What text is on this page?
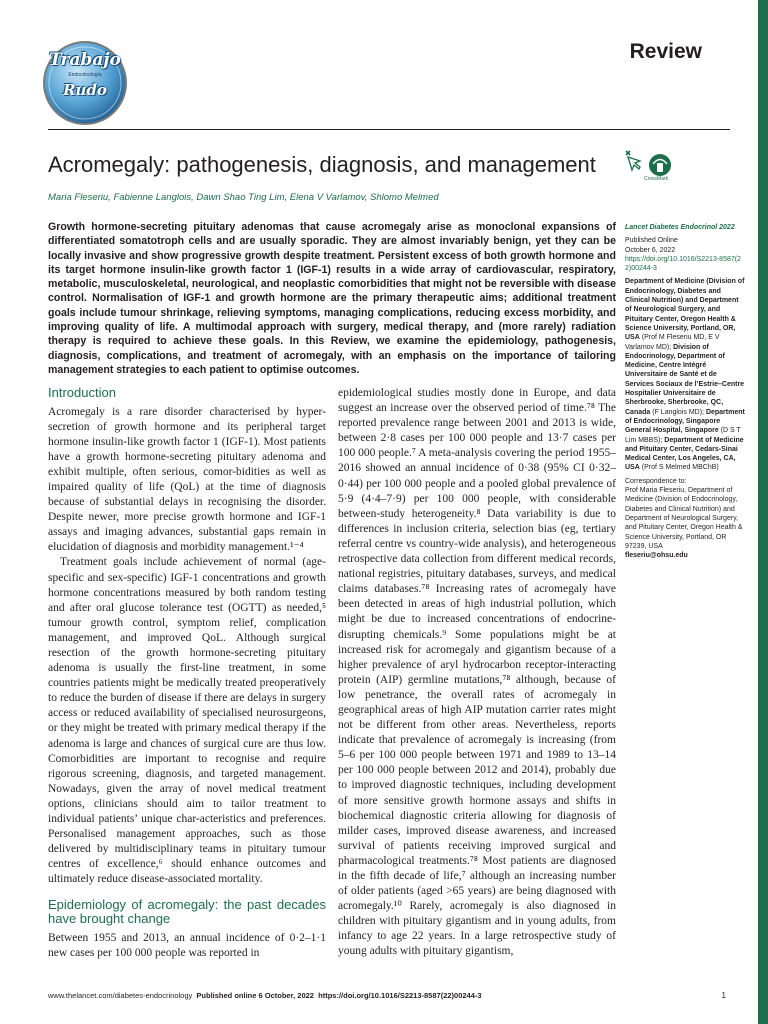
Trabajo
Endocrinología
Rudo
Review
Acromegaly: pathogenesis, diagnosis, and management
Maria Fleseriu, Fabienne Langlois, Dawn Shao Ting Lim, Elena V Varlamov, Shlomo Melmed
CrossMark

Growth hormone-secreting pituitary adenomas that cause acromegaly arise as monoclonal expansions of differentiated somatotroph cells and are usually sporadic. They are almost invariably benign, yet they can be locally invasive and show progressive growth despite treatment. Persistent excess of both growth hormone and its target hormone insulin-like growth factor 1 (IGF-1) results in a wide array of cardiovascular, respiratory, metabolic, musculoskeletal, neurological, and neoplastic comorbidities that might not be reversible with disease control. Normalisation of IGF-1 and growth hormone are the primary therapeutic aims; additional treatment goals include tumour shrinkage, relieving symptoms, managing complications, reducing excess morbidity, and improving quality of life. A multimodal approach with surgery, medical therapy, and (more rarely) radiation therapy is required to achieve these goals. In this Review, we examine the epidemiology, pathogenesis, diagnosis, complications, and treatment of acromegaly, with an emphasis on the importance of tailoring management strategies to each patient to optimise outcomes.

Lancet Diabetes Endocrinol 2022

Published Online
October 6, 2022
https://doi.org/10.1016/S2213-8587(22)00244-3

Department of Medicine (Division of Endocrinology, Diabetes and Clinical Nutrition) and Department of Neurological Surgery, and Pituitary Center, Oregon Health & Science University, Portland, OR, USA (Prof M Fleseriu MD, E V Varlamov MD); Division of Endocrinology, Department of Medicine, Centre Intégré Universitaire de Santé et de Services Sociaux de l’Estrie–Centre Hospitalier Universitaire de Sherbrooke, Sherbrooke, QC, Canada (F Langlois MD); Department of Endocrinology, Singapore General Hospital, Singapore (D S T Lim MBBS); Department of Medicine and Pituitary Center, Cedars-Sinai Medical Center, Los Angeles, CA, USA (Prof S Melmed MBChB)

Correspondence to:
Prof Maria Fleseriu, Department of Medicine (Division of Endocrinology, Diabetes and Clinical Nutrition) and Department of Neurological Surgery, and Pituitary Center, Oregon Health & Science University, Portland, OR 97239, USA
fleseriu@ohsu.edu

Introduction

Acromegaly is a rare disorder characterised by hyper-secretion of growth hormone and its peripheral target hormone insulin-like growth factor 1 (IGF-1). Most patients have a growth hormone-secreting pituitary adenoma and exhibit multiple, often serious, comor-bidities as well as impaired quality of life (QoL) at the time of diagnosis because of substantial delays in recognising the disorder. Despite newer, more precise growth hormone and IGF-1 assays and imaging advances, substantial gaps remain in elucidation of diagnosis and morbidity management.¹⁻⁴

Treatment goals include achievement of normal (age-specific and sex-specific) IGF-1 concentrations and growth hormone concentrations measured by both random testing and after oral glucose tolerance test (OGTT) as needed,⁵ tumour growth control, symptom relief, complication management, and improved QoL. Although surgical resection of the growth hormone-secreting pituitary adenoma is usually the first-line treatment, in some countries patients might be medically treated preoperatively to reduce the burden of disease if there are delays in surgery access or reduced availability of specialised neurosurgeons, or they might be treated with primary medical therapy if the adenoma is large and chances of surgical cure are thus low. Comorbidities are important to recognise and require rigorous screening, diagnosis, and targeted management. Nowadays, given the array of novel medical treatment options, clinicians should aim to tailor treatment to individual patients’ unique char-acteristics and preferences. Personalised management approaches, such as those delivered by multidisciplinary teams in pituitary tumour centres of excellence,⁶ should enhance outcomes and ultimately reduce disease-associated mortality.

Epidemiology of acromegaly: the past decades have brought change

Between 1955 and 2013, an annual incidence of 0·2–1·1 new cases per 100 000 people was reported in

epidemiological studies mostly done in Europe, and data suggest an increase over the observed period of time.⁷⁸ The reported prevalence range between 2001 and 2013 is wide, between 2·8 cases per 100 000 people and 13·7 cases per 100 000 people.⁷ A meta-analysis covering the period 1955–2016 showed an annual incidence of 0·38 (95% CI 0·32–0·44) per 100 000 people and a pooled global prevalence of 5·9 (4·4–7·9) per 100 000 people, with considerable between-study heterogeneity.⁸ Data variability is due to differences in inclusion criteria, selection bias (eg, tertiary referral centre vs country-wide analysis), and heterogeneous retrospective data collection from different medical records, national registries, pituitary databases, surveys, and medical claims databases.⁷⁸ Increasing rates of acromegaly have been detected in areas of high industrial pollution, which might be due to increased concentrations of endocrine-disrupting chemicals.⁹ Some populations might be at increased risk for acromegaly and gigantism because of a higher prevalence of aryl hydrocarbon receptor-interacting protein (AIP) germline mutations,⁷⁸ although, because of low penetrance, the overall rates of acromegaly in geographical areas of high AIP mutation carrier rates might not be different from other areas. Nevertheless, reports indicate that prevalence of acromegaly is increasing (from 5–6 per 100 000 people between 1971 and 1989 to 13–14 per 100 000 people between 2012 and 2014), probably due to improved diagnostic techniques, including development of more sensitive growth hormone assays and shifts in biochemical diagnostic criteria allowing for diagnosis of milder cases, improved disease awareness, and increased survival of patients receiving improved surgical and pharmacological treatments.⁷⁸ Most patients are diagnosed in the fifth decade of life,⁷ although an increasing number of older patients (aged >65 years) are being diagnosed with acromegaly.¹⁰ Rarely, acromegaly is also diagnosed in children with pituitary gigantism and in young adults, from infancy to age 22 years. In a large retrospective study of young adults with pituitary gigantism,

www.thelancet.com/diabetes-endocrinology Published online 6 October, 2022 https://doi.org/10.1016/S2213-8587(22)00244-3	1
